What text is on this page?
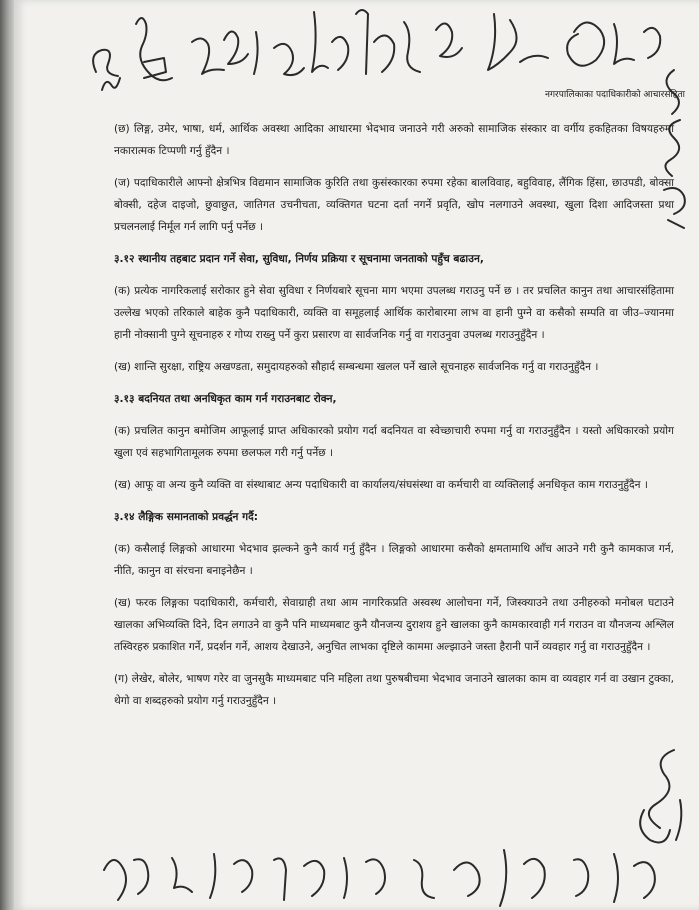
नगरपालिकाका पदाधिकारीको आचारसंहिता

(छ) लिङ्ग, उमेर, भाषा, धर्म, आर्थिक अवस्था आदिका आधारमा भेदभाव जनाउने गरी अरुको सामाजिक संस्कार वा वर्गीय हकहितका विषयहरुमा नकारात्मक टिप्पणी गर्नु हुँदैन ।

(ज) पदाधिकारीले आफ्नो क्षेत्रभित्र विद्यमान सामाजिक कुरिति तथा कुसंस्कारका रुपमा रहेका बालविवाह, बहुविवाह, लैंगिक हिंसा, छाउपडी, बोक्सा बोक्सी, दहेज दाइजो, छुवाछुत, जातिगत उचनीचता, व्यक्तिगत घटना दर्ता नगर्ने प्रवृति, खोप नलगाउने अवस्था, खुला दिशा आदिजस्ता प्रथा प्रचलनलाई निर्मूल गर्न लागि पर्नु पर्नेछ ।

३.१२ स्थानीय तहबाट प्रदान गर्ने सेवा, सुविधा, निर्णय प्रक्रिया र सूचनामा जनताको पहुँच बढाउन,

(क) प्रत्येक नागरिकलाई सरोकार हुने सेवा सुविधा र निर्णयबारे सूचना माग भएमा उपलब्ध गराउनु पर्ने छ । तर प्रचलित कानुन तथा आचारसंहितामा उल्लेख भएको तरिकाले बाहेक कुनै पदाधिकारी, व्यक्ति वा समूहलाई आर्थिक कारोबारमा लाभ वा हानी पुग्ने वा कसैको सम्पति वा जीउ–ज्यानमा हानी नोक्सानी पुग्ने सूचनाहरु र गोप्य राख्नु पर्ने कुरा प्रसारण वा सार्वजनिक गर्नु वा गराउनुवा उपलब्ध गराउनुहुँदैन ।

(ख) शान्ति सुरक्षा, राष्ट्रिय अखण्डता, समुदायहरुको सौहार्द सम्बन्धमा खलल पर्ने खाले सूचनाहरु सार्वजनिक गर्नु वा गराउनुहुँदैन ।

३.१३ बदनियत तथा अनधिकृत काम गर्न गराउनबाट रोक्न,

(क) प्रचलित कानुन बमोजिम आफूलाई प्राप्त अधिकारको प्रयोग गर्दा बदनियत वा स्वेच्छाचारी रुपमा गर्नु वा गराउनुहुँदैन । यस्तो अधिकारको प्रयोग खुला एवं सहभागितामूलक रुपमा छलफल गरी गर्नु पर्नेछ ।

(ख) आफू वा अन्य कुनै व्यक्ति वा संस्थाबाट अन्य पदाधिकारी वा कार्यालय/संघसंस्था वा कर्मचारी वा व्यक्तिलाई अनधिकृत काम गराउनुहुँदैन ।

३.१४ लैङ्गिक समानताको प्रवर्द्धन गर्दै:

(क) कसैलाई लिङ्गको आधारमा भेदभाव झल्कने कुनै कार्य गर्नु हुँदैन । लिङ्गको आधारमा कसैको क्षमतामाथि आँच आउने गरी कुनै कामकाज गर्न, नीति, कानुन वा संरचना बनाइनेछैन ।

(ख) फरक लिङ्गका पदाधिकारी, कर्मचारी, सेवाग्राही तथा आम नागरिकप्रति अस्वस्थ आलोचना गर्ने, जिस्क्याउने तथा उनीहरुको मनोबल घटाउने खालका अभिव्यक्ति दिने, दिन लगाउने वा कुनै पनि माध्यमबाट कुनै यौनजन्य दुराशय हुने खालका कुनै कामकारवाही गर्न गराउन वा यौनजन्य अश्लिल तस्विरहरु प्रकाशित गर्ने, प्रदर्शन गर्ने, आशय देखाउने, अनुचित लाभका दृष्टिले काममा अल्झाउने जस्ता हैरानी पार्ने व्यवहार गर्नु वा गराउनुहुँदैन ।

(ग) लेखेर, बोलेर, भाषण गरेर वा जुनसुकै माध्यमबाट पनि महिला तथा पुरुषबीचमा भेदभाव जनाउने खालका काम वा व्यवहार गर्न वा उखान टुक्का, थेगो वा शब्दहरुको प्रयोग गर्नु गराउनुहुँदैन ।
